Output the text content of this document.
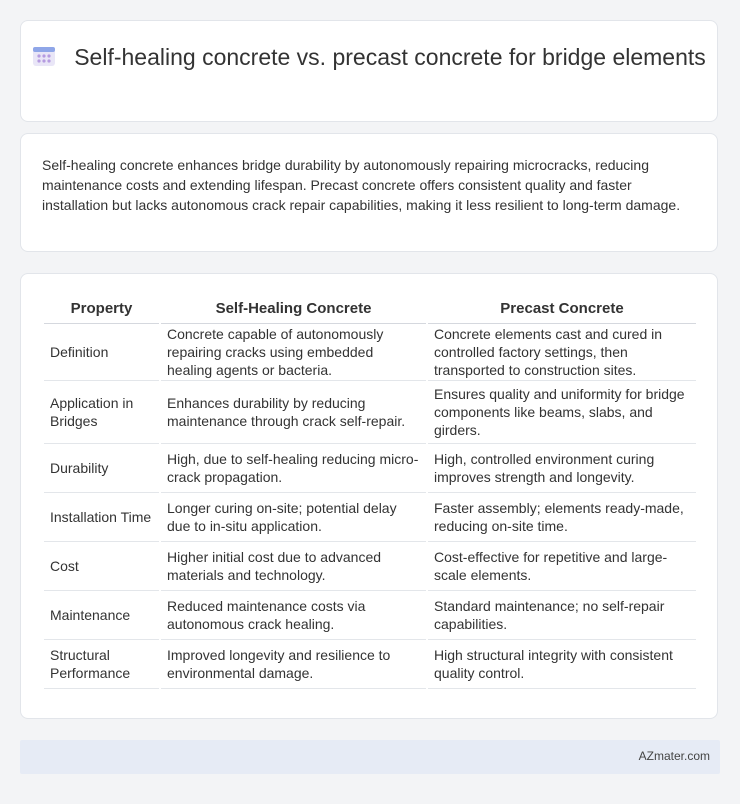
Self-healing concrete vs. precast concrete for bridge elements
Self-healing concrete enhances bridge durability by autonomously repairing microcracks, reducing maintenance costs and extending lifespan. Precast concrete offers consistent quality and faster installation but lacks autonomous crack repair capabilities, making it less resilient to long-term damage.
Property	Self-Healing Concrete	Precast Concrete
Definition	Concrete capable of autonomously repairing cracks using embedded healing agents or bacteria.	Concrete elements cast and cured in controlled factory settings, then transported to construction sites.
Application in Bridges	Enhances durability by reducing maintenance through crack self-repair.	Ensures quality and uniformity for bridge components like beams, slabs, and girders.
Durability	High, due to self-healing reducing micro-crack propagation.	High, controlled environment curing improves strength and longevity.
Installation Time	Longer curing on-site; potential delay due to in-situ application.	Faster assembly; elements ready-made, reducing on-site time.
Cost	Higher initial cost due to advanced materials and technology.	Cost-effective for repetitive and large-scale elements.
Maintenance	Reduced maintenance costs via autonomous crack healing.	Standard maintenance; no self-repair capabilities.
Structural Performance	Improved longevity and resilience to environmental damage.	High structural integrity with consistent quality control.
AZmater.com
